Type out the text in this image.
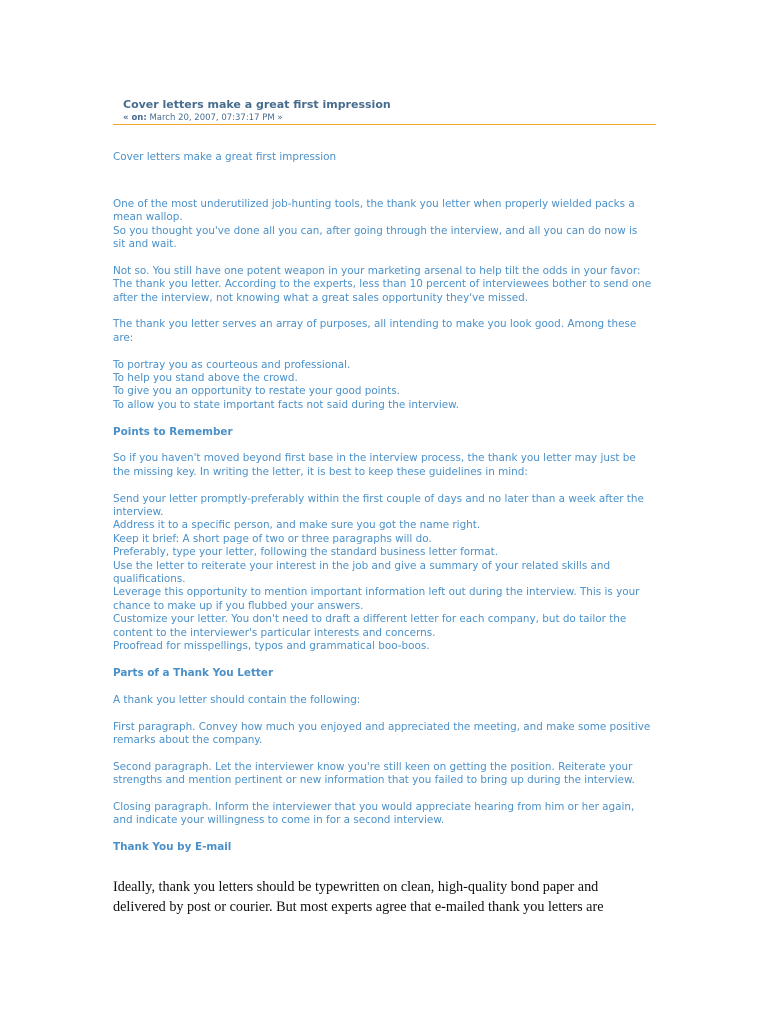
Cover letters make a great first impression
« on: March 20, 2007, 07:37:17 PM »

Cover letters make a great first impression

One of the most underutilized job-hunting tools, the thank you letter when properly wielded packs a mean wallop.

So you thought you've done all you can, after going through the interview, and all you can do now is sit and wait.

Not so. You still have one potent weapon in your marketing arsenal to help tilt the odds in your favor: The thank you letter. According to the experts, less than 10 percent of interviewees bother to send one after the interview, not knowing what a great sales opportunity they've missed.

The thank you letter serves an array of purposes, all intending to make you look good. Among these are:

To portray you as courteous and professional.

To help you stand above the crowd.

To give you an opportunity to restate your good points.

To allow you to state important facts not said during the interview.

Points to Remember

So if you haven't moved beyond first base in the interview process, the thank you letter may just be the missing key. In writing the letter, it is best to keep these guidelines in mind:

Send your letter promptly-preferably within the first couple of days and no later than a week after the interview.

Address it to a specific person, and make sure you got the name right.

Keep it brief: A short page of two or three paragraphs will do.

Preferably, type your letter, following the standard business letter format.

Use the letter to reiterate your interest in the job and give a summary of your related skills and qualifications.

Leverage this opportunity to mention important information left out during the interview. This is your chance to make up if you flubbed your answers.

Customize your letter. You don't need to draft a different letter for each company, but do tailor the content to the interviewer's particular interests and concerns.

Proofread for misspellings, typos and grammatical boo-boos.

Parts of a Thank You Letter

A thank you letter should contain the following:

First paragraph. Convey how much you enjoyed and appreciated the meeting, and make some positive remarks about the company.

Second paragraph. Let the interviewer know you're still keen on getting the position. Reiterate your strengths and mention pertinent or new information that you failed to bring up during the interview.

Closing paragraph. Inform the interviewer that you would appreciate hearing from him or her again, and indicate your willingness to come in for a second interview.

Thank You by E-mail

Ideally, thank you letters should be typewritten on clean, high-quality bond paper and delivered by post or courier. But most experts agree that e-mailed thank you letters are
